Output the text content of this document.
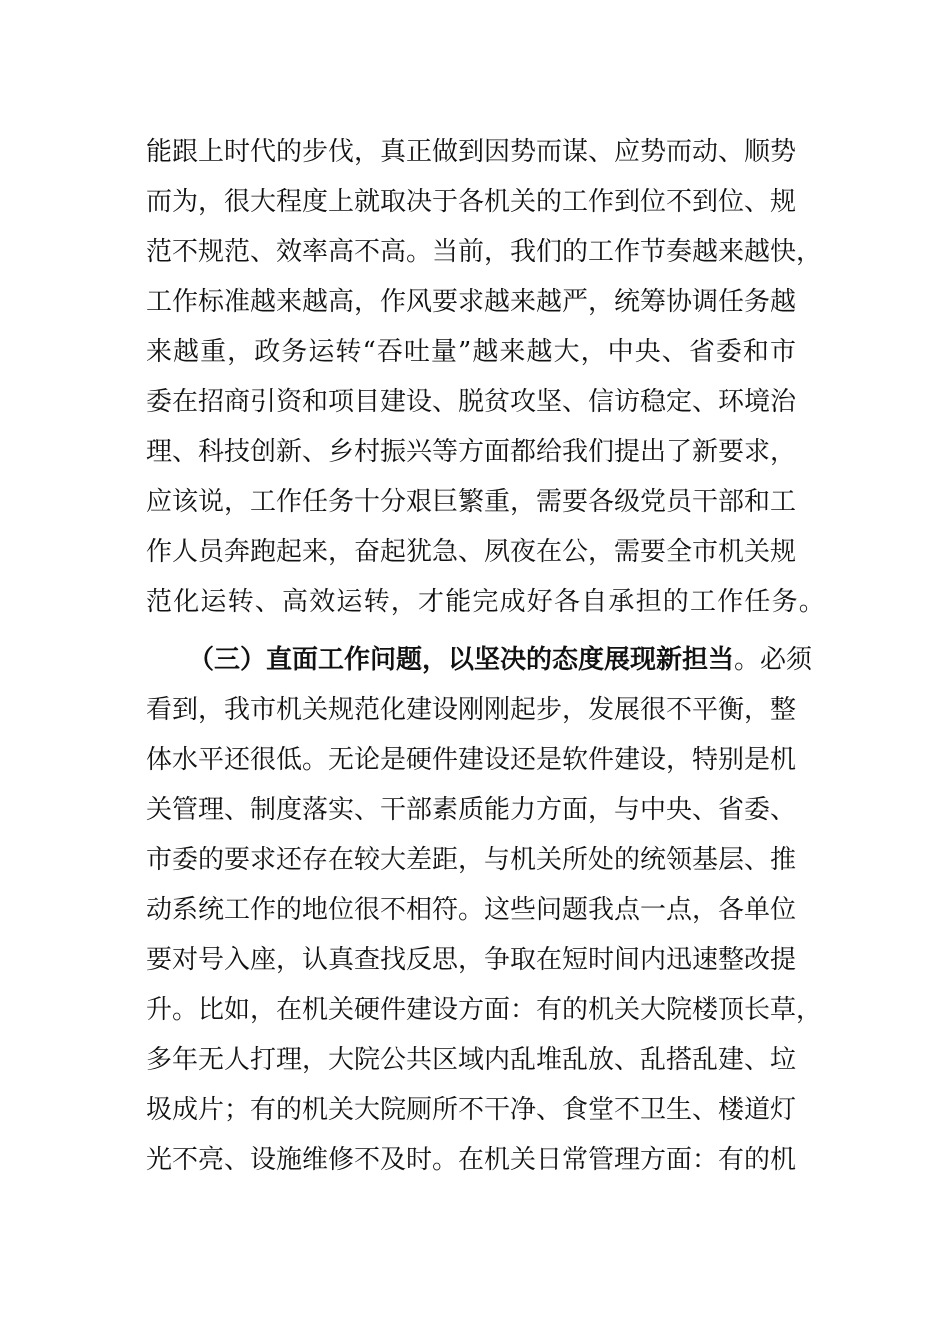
能跟上时代的步伐，真正做到因势而谋、应势而动、顺势
而为，很大程度上就取决于各机关的工作到位不到位、规
范不规范、效率高不高。当前，我们的工作节奏越来越快，
工作标准越来越高，作风要求越来越严，统筹协调任务越
来越重，政务运转“吞吐量”越来越大，中央、省委和市
委在招商引资和项目建设、脱贫攻坚、信访稳定、环境治
理、科技创新、乡村振兴等方面都给我们提出了新要求，
应该说，工作任务十分艰巨繁重，需要各级党员干部和工
作人员奔跑起来，奋起犹急、夙夜在公，需要全市机关规
范化运转、高效运转，才能完成好各自承担的工作任务。
（三）直面工作问题，以坚决的态度展现新担当。必须
看到，我市机关规范化建设刚刚起步，发展很不平衡，整
体水平还很低。无论是硬件建设还是软件建设，特别是机
关管理、制度落实、干部素质能力方面，与中央、省委、
市委的要求还存在较大差距，与机关所处的统领基层、推
动系统工作的地位很不相符。这些问题我点一点，各单位
要对号入座，认真查找反思，争取在短时间内迅速整改提
升。比如，在机关硬件建设方面：有的机关大院楼顶长草，
多年无人打理，大院公共区域内乱堆乱放、乱搭乱建、垃
圾成片；有的机关大院厕所不干净、食堂不卫生、楼道灯
光不亮、设施维修不及时。在机关日常管理方面：有的机
